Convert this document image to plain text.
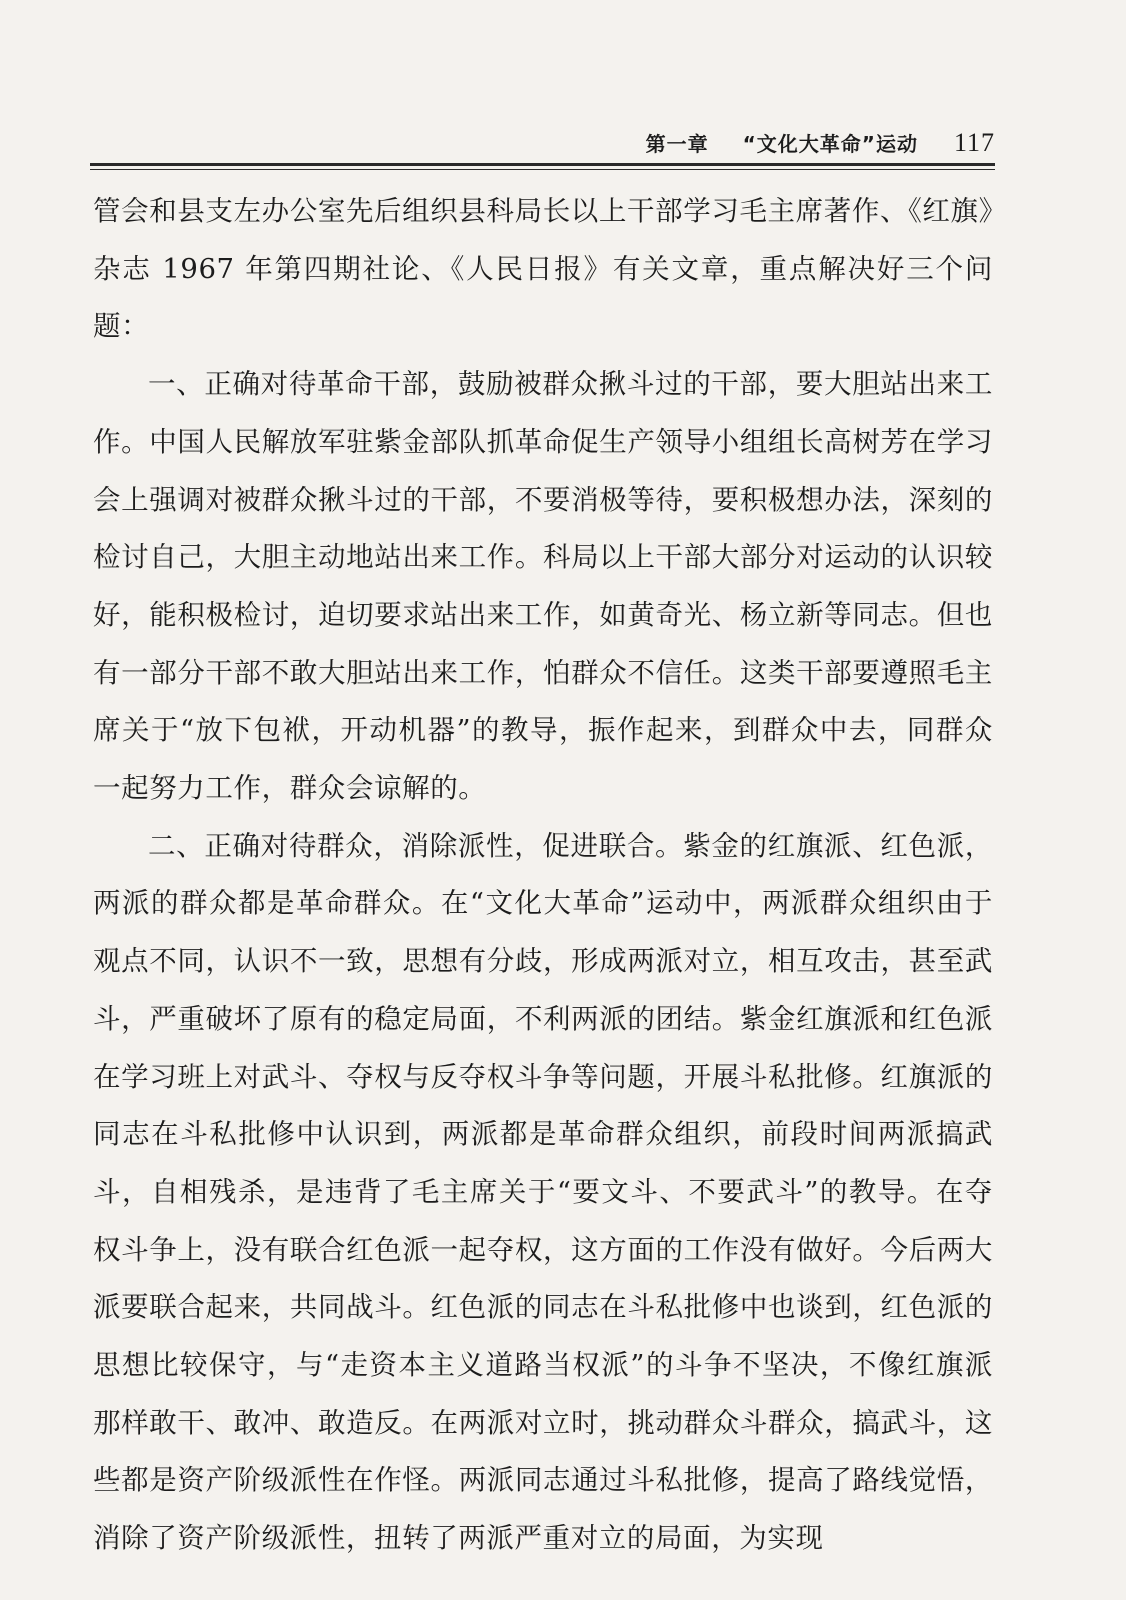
第一章 “文化大革命”运动 117

管会和县支左办公室先后组织县科局长以上干部学习毛主席著作、《红旗》杂志 1967 年第四期社论、《人民日报》有关文章，重点解决好三个问题：

一、正确对待革命干部，鼓励被群众揪斗过的干部，要大胆站出来工作。中国人民解放军驻紫金部队抓革命促生产领导小组组长高树芳在学习会上强调对被群众揪斗过的干部，不要消极等待，要积极想办法，深刻的检讨自己，大胆主动地站出来工作。科局以上干部大部分对运动的认识较好，能积极检讨，迫切要求站出来工作，如黄奇光、杨立新等同志。但也有一部分干部不敢大胆站出来工作，怕群众不信任。这类干部要遵照毛主席关于“放下包袱，开动机器”的教导，振作起来，到群众中去，同群众一起努力工作，群众会谅解的。

二、正确对待群众，消除派性，促进联合。紫金的红旗派、红色派，两派的群众都是革命群众。在“文化大革命”运动中，两派群众组织由于观点不同，认识不一致，思想有分歧，形成两派对立，相互攻击，甚至武斗，严重破坏了原有的稳定局面，不利两派的团结。紫金红旗派和红色派在学习班上对武斗、夺权与反夺权斗争等问题，开展斗私批修。红旗派的同志在斗私批修中认识到，两派都是革命群众组织，前段时间两派搞武斗，自相残杀，是违背了毛主席关于“要文斗、不要武斗”的教导。在夺权斗争上，没有联合红色派一起夺权，这方面的工作没有做好。今后两大派要联合起来，共同战斗。红色派的同志在斗私批修中也谈到，红色派的思想比较保守，与“走资本主义道路当权派”的斗争不坚决，不像红旗派那样敢干、敢冲、敢造反。在两派对立时，挑动群众斗群众，搞武斗，这些都是资产阶级派性在作怪。两派同志通过斗私批修，提高了路线觉悟，消除了资产阶级派性，扭转了两派严重对立的局面，为实现
